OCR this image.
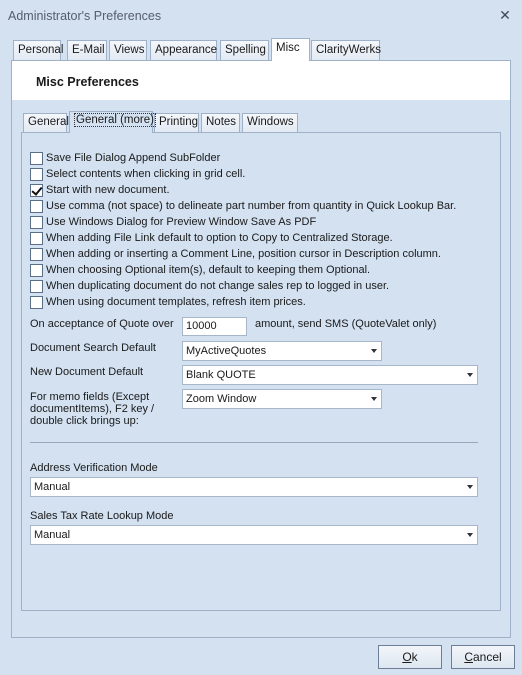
Administrator's Preferences	✕
Personal E-Mail Views Appearance Spelling Misc	ClarityWerks
Misc Preferences
General General (more) Printing Notes Windows
Save File Dialog Append SubFolder
Select contents when clicking in grid cell.
Start with new document.
Use comma (not space) to delineate part number from quantity in Quick Lookup Bar.
Use Windows Dialog for Preview Window Save As PDF
When adding File Link default to option to Copy to Centralized Storage.
When adding or inserting a Comment Line, position cursor in Description column.
When choosing Optional item(s), default to keeping them Optional.
When duplicating document do not change sales rep to logged in user.
When using document templates, refresh item prices.
On acceptance of Quote over	10000	amount, send SMS (QuoteValet only)
Document Search Default	MyActiveQuotes
New Document Default	Blank QUOTE
For memo fields (Except documentItems), F2 key / double click brings up:
Zoom Window
Address Verification Mode
Manual
Sales Tax Rate Lookup Mode
Manual
Ok	Cancel
